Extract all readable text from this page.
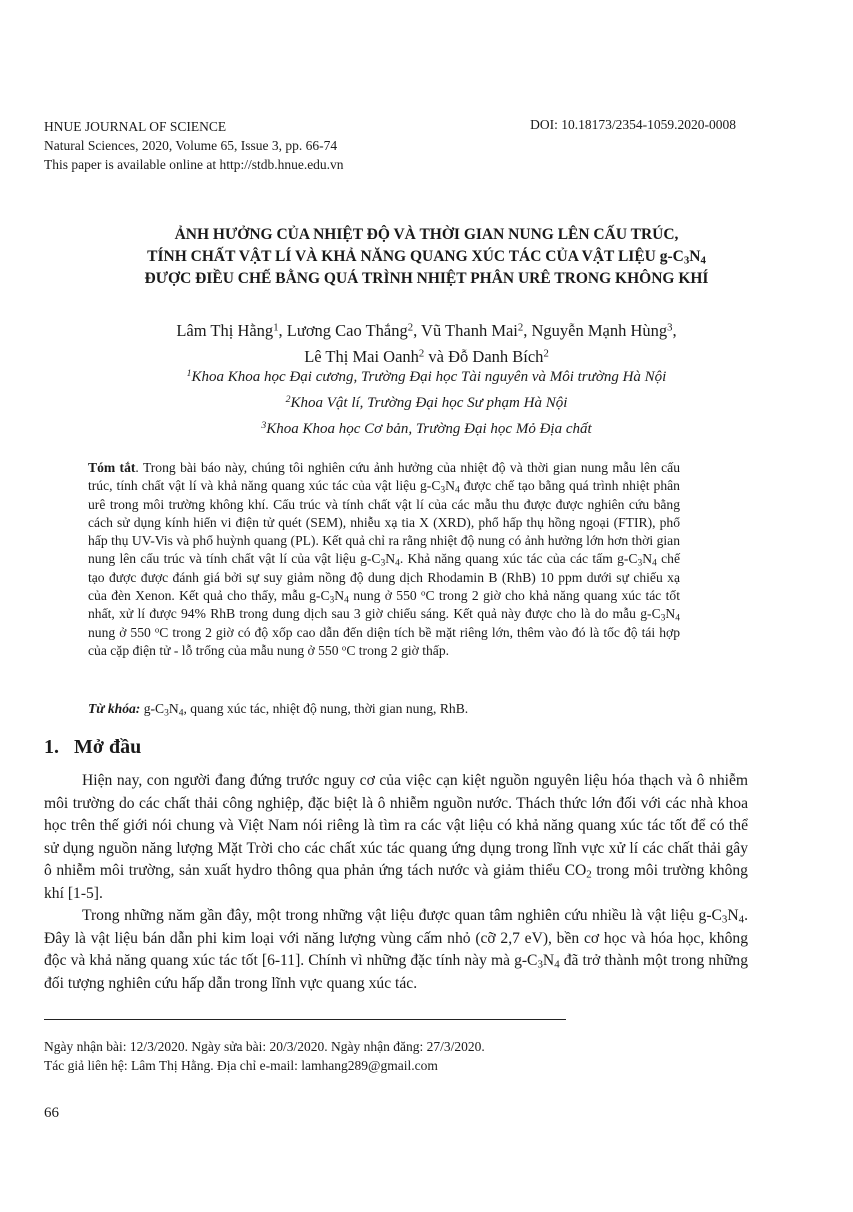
HNUE JOURNAL OF SCIENCE	DOI: 10.18173/2354-1059.2020-0008
Natural Sciences, 2020, Volume 65, Issue 3, pp. 66-74
This paper is available online at http://stdb.hnue.edu.vn
ẢNH HƯỞNG CỦA NHIỆT ĐỘ VÀ THỜI GIAN NUNG LÊN CẤU TRÚC,
TÍNH CHẤT VẬT LÍ VÀ KHẢ NĂNG QUANG XÚC TÁC CỦA VẬT LIỆU $g-C_3N_4$
ĐƯỢC ĐIỀU CHẾ BẰNG QUÁ TRÌNH NHIỆT PHÂN URÊ TRONG KHÔNG KHÍ
Lâm Thị Hằng$^1$, Lương Cao Thắng$^2$, Vũ Thanh Mai$^2$, Nguyễn Mạnh Hùng$^3$,
Lê Thị Mai Oanh$^2$ và Đỗ Danh Bích$^2$
$^1$Khoa Khoa học Đại cương, Trường Đại học Tài nguyên và Môi trường Hà Nội
$^2$Khoa Vật lí, Trường Đại học Sư phạm Hà Nội
$^3$Khoa Khoa học Cơ bản, Trường Đại học Mỏ Địa chất
Tóm tắt. Trong bài báo này, chúng tôi nghiên cứu ảnh hưởng của nhiệt độ và thời gian nung mẫu lên cấu trúc, tính chất vật lí và khả năng quang xúc tác của vật liệu $g-C_3N_4$ được chế tạo bằng quá trình nhiệt phân urê trong môi trường không khí. Cấu trúc và tính chất vật lí của các mẫu thu được được nghiên cứu bằng cách sử dụng kính hiển vi điện tử quét (SEM), nhiễu xạ tia X (XRD), phổ hấp thụ hồng ngoại (FTIR), phổ hấp thụ UV-Vis và phổ huỳnh quang (PL). Kết quả chỉ ra rằng nhiệt độ nung có ảnh hưởng lớn hơn thời gian nung lên cấu trúc và tính chất vật lí của vật liệu $g-C_3N_4$. Khả năng quang xúc tác của các tấm $g-C_3N_4$ chế tạo được được đánh giá bởi sự suy giảm nồng độ dung dịch Rhodamin B (RhB) 10 ppm dưới sự chiếu xạ của đèn Xenon. Kết quả cho thấy, mẫu $g-C_3N_4$ nung ở 550 $^o$C trong 2 giờ cho khả năng quang xúc tác tốt nhất, xử lí được 94% RhB trong dung dịch sau 3 giờ chiếu sáng. Kết quả này được cho là do mẫu $g-C_3N_4$ nung ở 550 $^o$C trong 2 giờ có độ xốp cao dẫn đến diện tích bề mặt riêng lớn, thêm vào đó là tốc độ tái hợp của cặp điện tử - lỗ trống của mẫu nung ở 550 $^o$C trong 2 giờ thấp.
Từ khóa: $g-C_3N_4$, quang xúc tác, nhiệt độ nung, thời gian nung, RhB.
1. Mở đầu

Hiện nay, con người đang đứng trước nguy cơ của việc cạn kiệt nguồn nguyên liệu hóa thạch và ô nhiễm môi trường do các chất thải công nghiệp, đặc biệt là ô nhiễm nguồn nước. Thách thức lớn đối với các nhà khoa học trên thế giới nói chung và Việt Nam nói riêng là tìm ra các vật liệu có khả năng quang xúc tác tốt để có thể sử dụng nguồn năng lượng Mặt Trời cho các chất xúc tác quang ứng dụng trong lĩnh vực xử lí các chất thải gây ô nhiễm môi trường, sản xuất hydro thông qua phản ứng tách nước và giảm thiểu $CO_2$ trong môi trường không khí [1-5].

Trong những năm gần đây, một trong những vật liệu được quan tâm nghiên cứu nhiều là vật liệu $g-C_3N_4$. Đây là vật liệu bán dẫn phi kim loại với năng lượng vùng cấm nhỏ (cỡ 2,7 eV), bền cơ học và hóa học, không độc và khả năng quang xúc tác tốt [6-11]. Chính vì những đặc tính này mà $g-C_3N_4$ đã trở thành một trong những đối tượng nghiên cứu hấp dẫn trong lĩnh vực quang xúc tác.

Ngày nhận bài: 12/3/2020. Ngày sửa bài: 20/3/2020. Ngày nhận đăng: 27/3/2020.
Tác giả liên hệ: Lâm Thị Hằng. Địa chỉ e-mail: lamhang289@gmail.com
66
